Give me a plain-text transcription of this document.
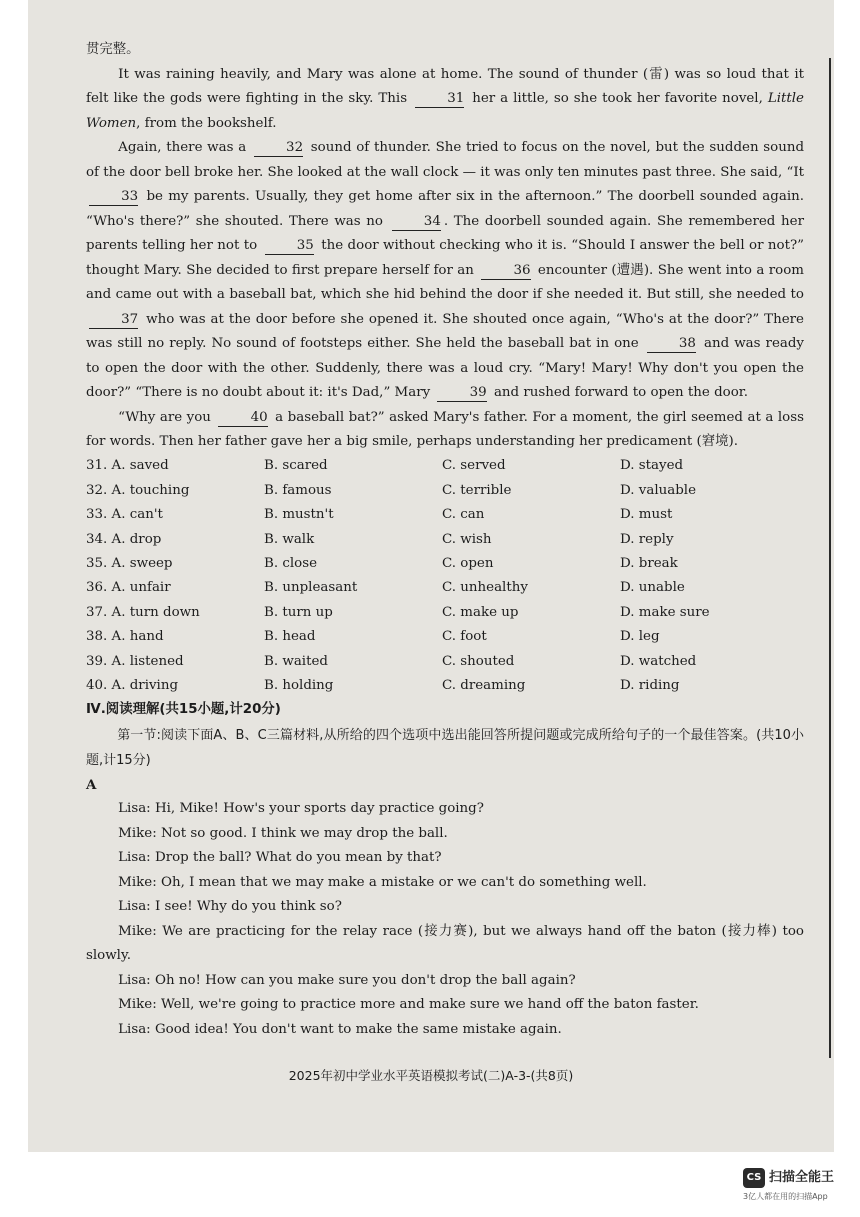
贯完整。

It was raining heavily, and Mary was alone at home. The sound of thunder (雷) was so loud that it felt like the gods were fighting in the sky. This	31 her a little, so she took her favorite novel, Little Women, from the bookshelf.

Again, there was a	32 sound of thunder. She tried to focus on the novel, but the sudden sound of the door bell broke her. She looked at the wall clock — it was only ten minutes past three. She said, “It 33 be my parents. Usually, they get home after six in the afternoon.” The doorbell sounded again. “Who's there?” she shouted. There was no	34 . The doorbell sounded again. She remembered her parents telling her not to	35 the door without checking who it is. “Should I answer the bell or not?” thought Mary. She decided to first prepare herself for an	36 encounter (遭遇). She went into a room and came out with a baseball bat, which she hid behind the door if she needed it. But still, she needed to 37 who was at the door before she opened it. She shouted once again, “Who's at the door?” There was still no reply. No sound of footsteps either. She held the baseball bat in one	38 and was ready to open the door with the other. Suddenly, there was a loud cry. “Mary! Mary! Why don't you open the door?” “There is no doubt about it: it's Dad,” Mary	39 and rushed forward to open the door.

“Why are you	40 a baseball bat?” asked Mary's father. For a moment, the girl seemed at a loss for words. Then her father gave her a big smile, perhaps understanding her predicament (窘境).

31. A. saved	B. scared	C. served	D. stayed
32. A. touching	B. famous	C. terrible	D. valuable
33. A. can't	B. mustn't	C. can	D. must
34. A. drop	B. walk	C. wish	D. reply
35. A. sweep	B. close	C. open	D. break
36. A. unfair	B. unpleasant	C. unhealthy	D. unable
37. A. turn down	B. turn up	C. make up	D. make sure
38. A. hand	B. head	C. foot	D. leg
39. A. listened	B. waited	C. shouted	D. watched
40. A. driving	B. holding	C. dreaming	D. riding

Ⅳ.阅读理解(共15小题,计20分)

第一节:阅读下面A、B、C三篇材料,从所给的四个选项中选出能回答所提问题或完成所给句子的一个最佳答案。(共10小题,计15分)

A

Lisa: Hi, Mike! How's your sports day practice going?

Mike: Not so good. I think we may drop the ball.

Lisa: Drop the ball? What do you mean by that?

Mike: Oh, I mean that we may make a mistake or we can't do something well.

Lisa: I see! Why do you think so?

Mike: We are practicing for the relay race (接力赛), but we always hand off the baton (接力棒) too slowly.

Lisa: Oh no! How can you make sure you don't drop the ball again?

Mike: Well, we're going to practice more and make sure we hand off the baton faster.

Lisa: Good idea! You don't want to make the same mistake again.

2025年初中学业水平英语模拟考试(二)A-3-(共8页)
CS 扫描全能王
3亿人都在用的扫描App
